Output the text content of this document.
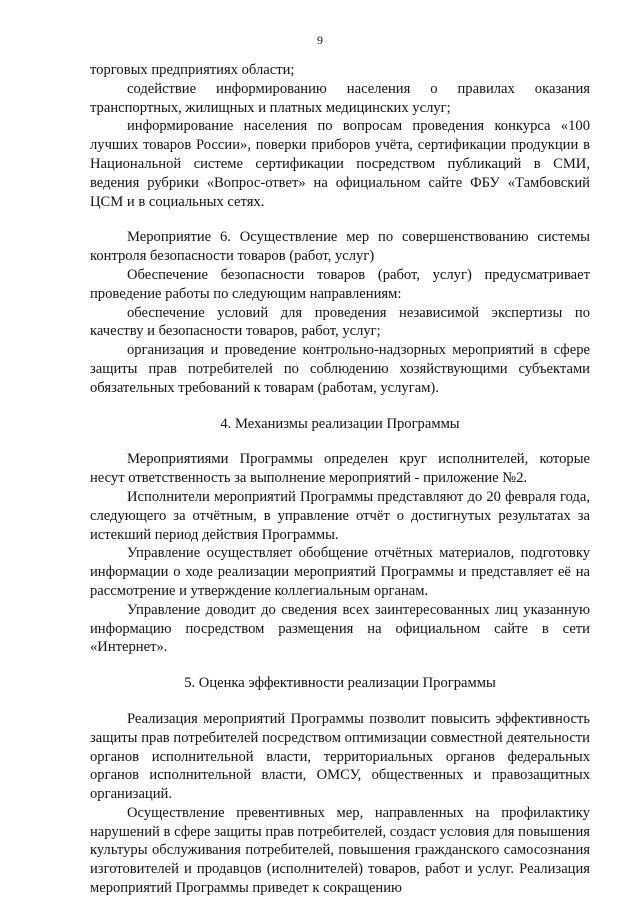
9

торговых предприятиях области;

содействие информированию населения о правилах оказания транспортных, жилищных и платных медицинских услуг;

информирование населения по вопросам проведения конкурса «100 лучших товаров России», поверки приборов учёта, сертификации продукции в Национальной системе сертификации посредством публикаций в СМИ, ведения рубрики «Вопрос-ответ» на официальном сайте ФБУ «Тамбовский ЦСМ и в социальных сетях.

Мероприятие 6. Осуществление мер по совершенствованию системы контроля безопасности товаров (работ, услуг)

Обеспечение безопасности товаров (работ, услуг) предусматривает проведение работы по следующим направлениям:

обеспечение условий для проведения независимой экспертизы по качеству и безопасности товаров, работ, услуг;

организация и проведение контрольно-надзорных мероприятий в сфере защиты прав потребителей по соблюдению хозяйствующими субъектами обязательных требований к товарам (работам, услугам).

4. Механизмы реализации Программы

Мероприятиями Программы определен круг исполнителей, которые несут ответственность за выполнение мероприятий - приложение №2.

Исполнители мероприятий Программы представляют до 20 февраля года, следующего за отчётным, в управление отчёт о достигнутых результатах за истекший период действия Программы.

Управление осуществляет обобщение отчётных материалов, подготовку информации о ходе реализации мероприятий Программы и представляет её на рассмотрение и утверждение коллегиальным органам.

Управление доводит до сведения всех заинтересованных лиц указанную информацию посредством размещения на официальном сайте в сети «Интернет».

5. Оценка эффективности реализации Программы

Реализация мероприятий Программы позволит повысить эффективность защиты прав потребителей посредством оптимизации совместной деятельности органов исполнительной власти, территориальных органов федеральных органов исполнительной власти, ОМСУ, общественных и правозащитных организаций.

Осуществление превентивных мер, направленных на профилактику нарушений в сфере защиты прав потребителей, создаст условия для повышения культуры обслуживания потребителей, повышения гражданского самосознания изготовителей и продавцов (исполнителей) товаров, работ и услуг. Реализация мероприятий Программы приведет к сокращению
